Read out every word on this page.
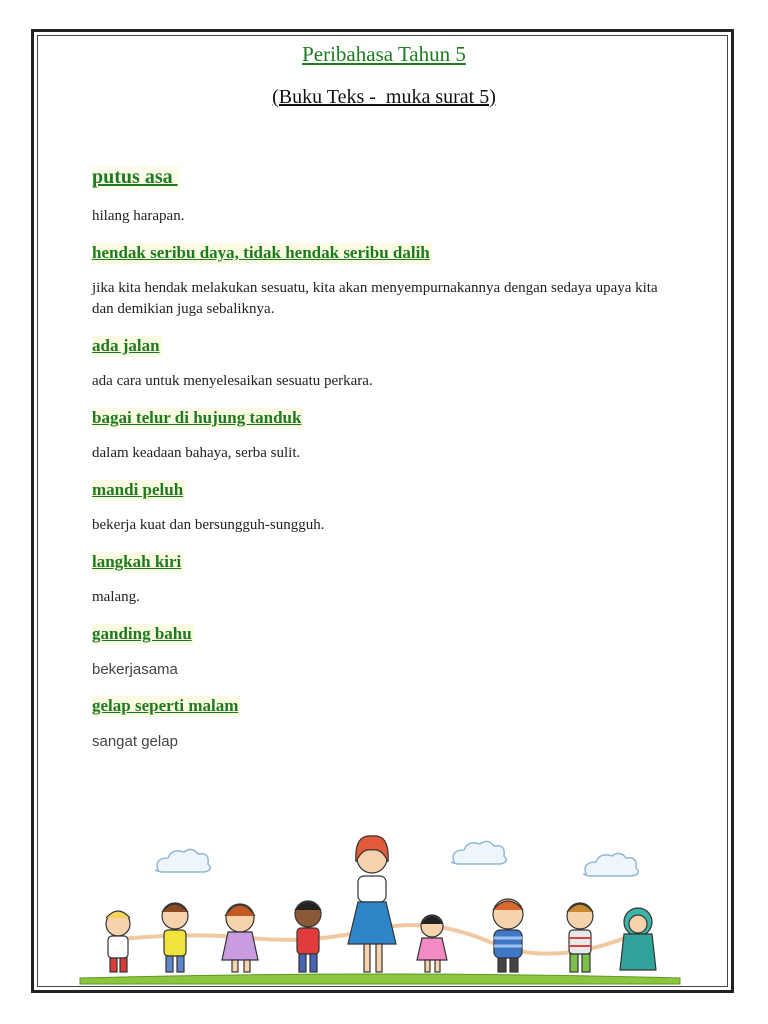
Peribahasa Tahun 5
(Buku Teks -  muka surat 5)
putus asa
hilang harapan.
hendak seribu daya, tidak hendak seribu dalih
jika kita hendak melakukan sesuatu, kita akan menyempurnakannya dengan sedaya upaya kita dan demikian juga sebaliknya.
ada jalan
ada cara untuk menyelesaikan sesuatu perkara.
bagai telur di hujung tanduk
dalam keadaan bahaya, serba sulit.
mandi peluh
bekerja kuat dan bersungguh-sungguh.
langkah kiri
malang.
ganding bahu
bekerjasama
gelap seperti malam
sangat gelap
